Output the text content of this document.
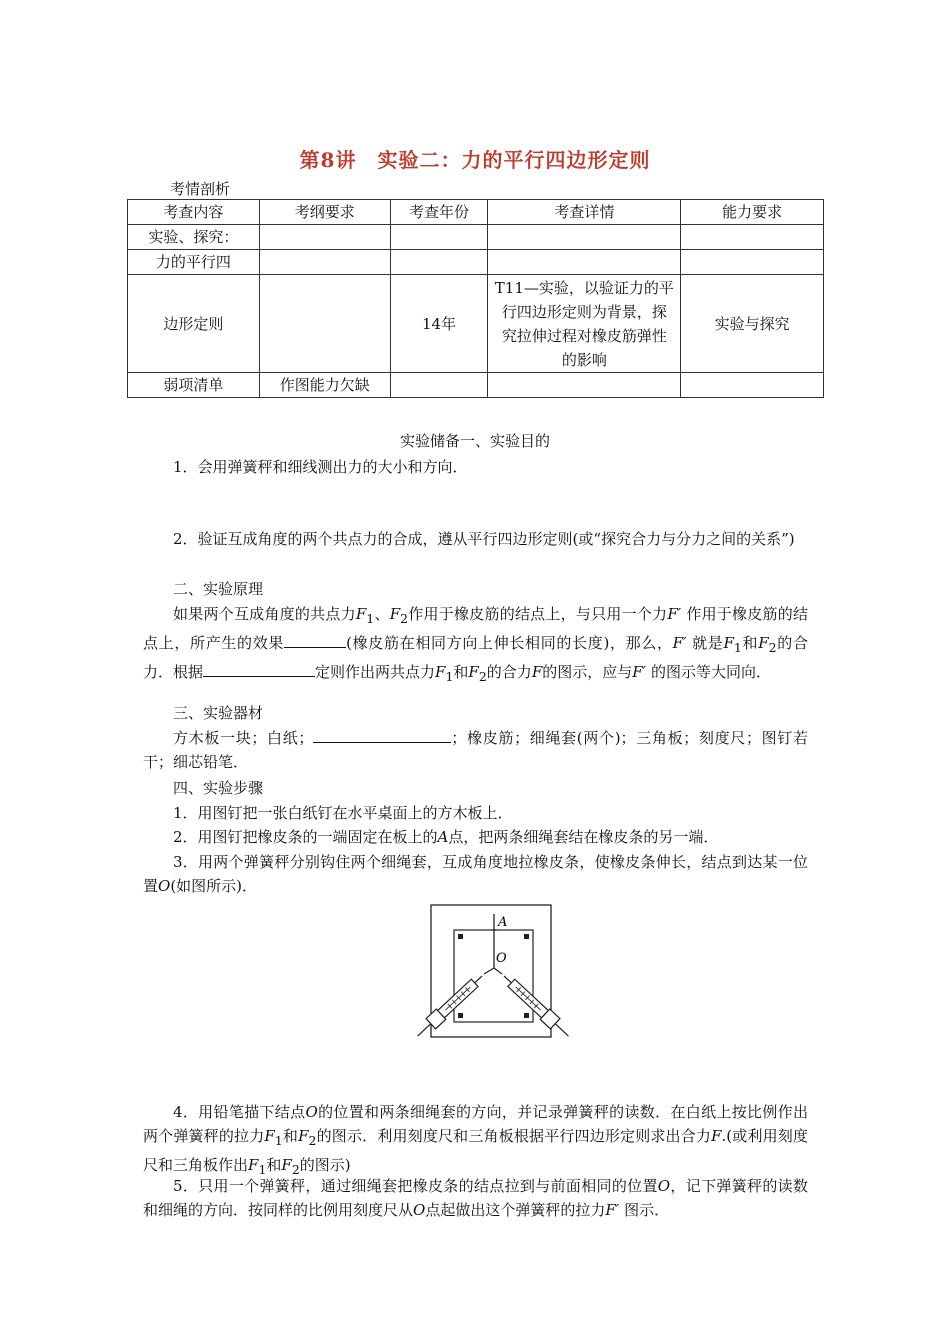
第8讲　实验二：力的平行四边形定则
考情剖析
考查内容	考纲要求	考查年份	考查详情	能力要求
实验、探究：				
力的平行四				
边形定则		14年	T11—实验，以验证力的平行四边形定则为背景，探究拉伸过程对橡皮筋弹性的影响	实验与探究
弱项清单	作图能力欠缺			
实验储备一、实验目的
1．会用弹簧秤和细线测出力的大小和方向．
2．验证互成角度的两个共点力的合成，遵从平行四边形定则(或“探究合力与分力之间的关系”)
二、实验原理
如果两个互成角度的共点力$F_1$、$F_2$作用于橡皮筋的结点上，与只用一个力F′  作用于橡皮筋的结点上，所产生的效果	(橡皮筋在相同方向上伸长相同的长度)，那么，F′  就是$F_1$和$F_2$的合力．根据	定则作出两共点力$F_1$和$F_2$的合力F的图示，应与F′  的图示等大同向．
三、实验器材
方木板一块；白纸；	；橡皮筋；细绳套(两个)；三角板；刻度尺；图钉若干；细芯铅笔．
四、实验步骤
1．用图钉把一张白纸钉在水平桌面上的方木板上．
2．用图钉把橡皮条的一端固定在板上的A点，把两条细绳套结在橡皮条的另一端．
3．用两个弹簧秤分别钩住两个细绳套，互成角度地拉橡皮条，使橡皮条伸长，结点到达某一位置O(如图所示)．
A
O
4．用铅笔描下结点O的位置和两条细绳套的方向，并记录弹簧秤的读数．在白纸上按比例作出两个弹簧秤的拉力$F_1$和$F_2$的图示．利用刻度尺和三角板根据平行四边形定则求出合力F.(或利用刻度尺和三角板作出$F_1$和$F_2$的图示)
5．只用一个弹簧秤，通过细绳套把橡皮条的结点拉到与前面相同的位置O，记下弹簧秤的读数和细绳的方向．按同样的比例用刻度尺从O点起做出这个弹簧秤的拉力F′  图示．
